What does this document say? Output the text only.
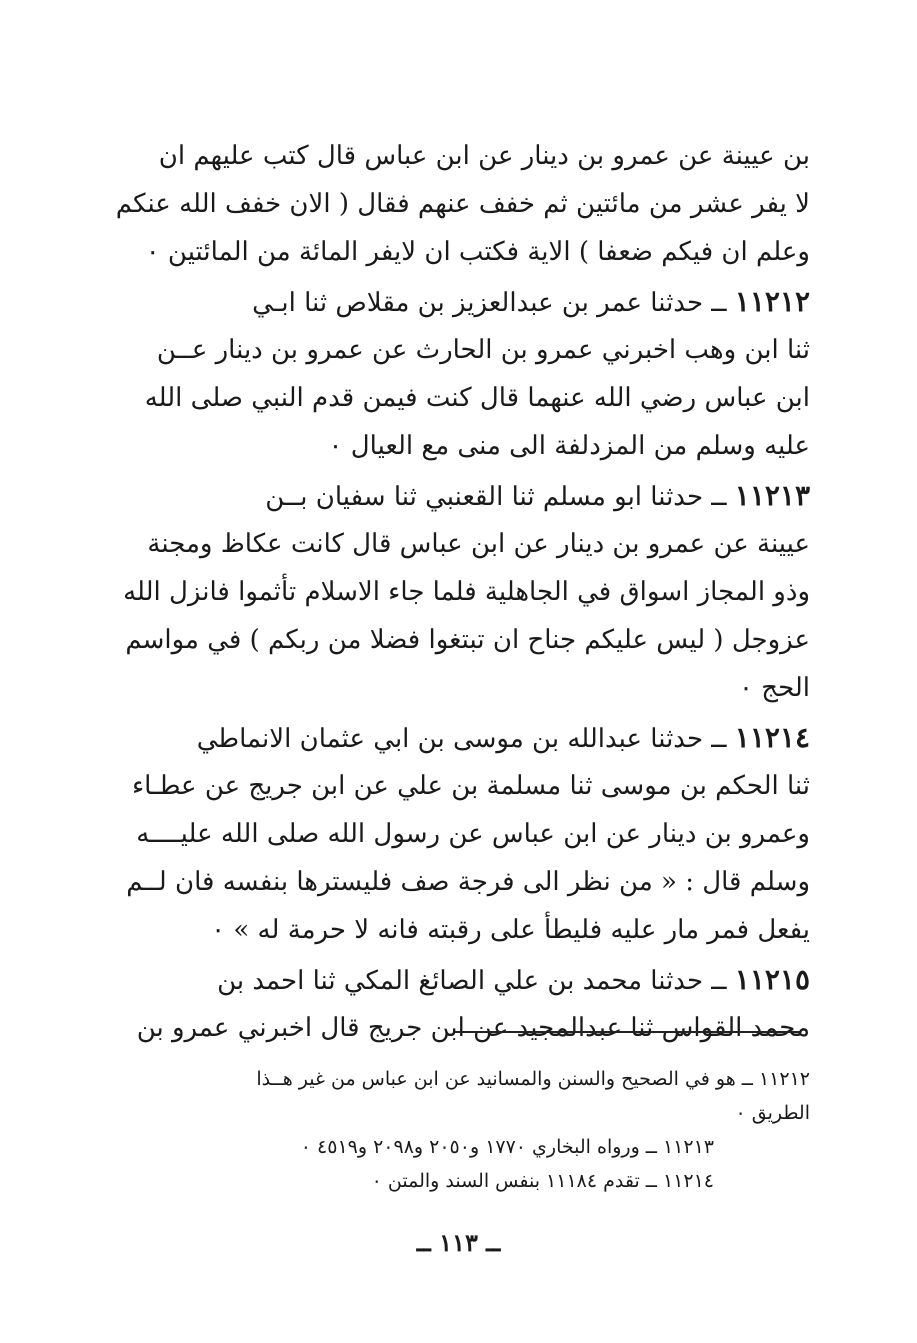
بن عيينة عن عمرو بن دينار عن ابن عباس قال كتب عليهم ان
لا يفر عشر من مائتين ثم خفف عنهم فقال ( الان خفف الله عنكم
وعلم ان فيكم ضعفا ) الاية فكتب ان لايفر المائة من المائتين ٠
١١٢١٢ ــ حدثنا عمر بن عبدالعزيز بن مقلاص ثنا ابـي
ثنا ابن وهب اخبرني عمرو بن الحارث عن عمرو بن دينار عــن
ابن عباس رضي الله عنهما قال كنت فيمن قدم النبي صلى الله
عليه وسلم من المزدلفة الى منى مع العيال ٠
١١٢١٣ ــ حدثنا ابو مسلم ثنا القعنبي ثنا سفيان بــن
عيينة عن عمرو بن دينار عن ابن عباس قال كانت عكاظ ومجنة
وذو المجاز اسواق في الجاهلية فلما جاء الاسلام تأثموا فانزل الله
عزوجل ( ليس عليكم جناح ان تبتغوا فضلا من ربكم ) في مواسم
الحج ٠
١١٢١٤ ــ حدثنا عبدالله بن موسى بن ابي عثمان الانماطي
ثنا الحكم بن موسى ثنا مسلمة بن علي عن ابن جريج عن عطـاء
وعمرو بن دينار عن ابن عباس عن رسول الله صلى الله عليــــه
وسلم قال : « من نظر الى فرجة صف فليسترها بنفسه فان لــم
يفعل فمر مار عليه فليطأ على رقبته فانه لا حرمة له » ٠
١١٢١٥ ــ حدثنا محمد بن علي الصائغ المكي ثنا احمد بن
محمد القواس ثنا عبدالمجيد عن ابن جريج قال اخبرني عمرو بن
١١٢١٢ ــ هو في الصحيح والسنن والمسانيد عن ابن عباس من غير هــذا
الطريق ٠
١١٢١٣ ــ ورواه البخاري ١٧٧٠ و٢٠٥٠ و٢٠٩٨ و٤٥١٩ ٠
١١٢١٤ ــ تقدم ١١١٨٤ بنفس السند والمتن ٠
ــ ١١٣ ــ
